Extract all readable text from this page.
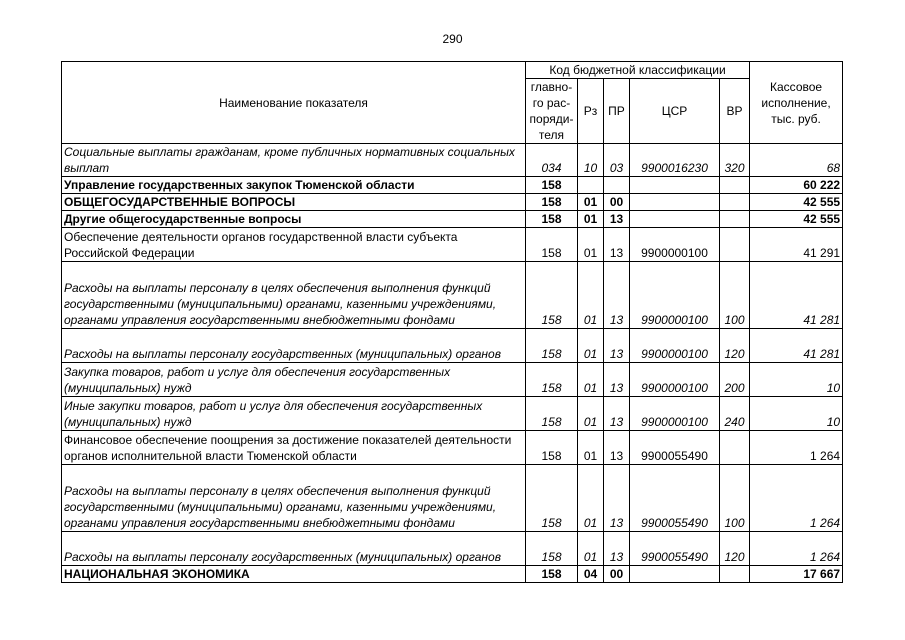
290
Наименование показателя	Код бюджетной классификации					Кассовое исполнение, тыс. руб.
	главно-го рас-поряди-теля	Рз	ПР	ЦСР	ВР	
Социальные выплаты гражданам, кроме публичных нормативных социальных выплат	034	10	03	9900016230	320	68
Управление государственных закупок Тюменской области	158					60 222
ОБЩЕГОСУДАРСТВЕННЫЕ ВОПРОСЫ	158	01	00			42 555
Другие общегосударственные вопросы	158	01	13			42 555
Обеспечение деятельности органов государственной власти субъекта Российской Федерации	158	01	13	9900000100		41 291
Расходы на выплаты персоналу в целях обеспечения выполнения функций государственными (муниципальными) органами, казенными учреждениями, органами управления государственными внебюджетными фондами	158	01	13	9900000100	100	41 281
Расходы на выплаты персоналу государственных (муниципальных) органов	158	01	13	9900000100	120	41 281
Закупка товаров, работ и услуг для обеспечения государственных (муниципальных) нужд	158	01	13	9900000100	200	10
Иные закупки товаров, работ и услуг для обеспечения государственных (муниципальных) нужд	158	01	13	9900000100	240	10
Финансовое обеспечение поощрения за достижение показателей деятельности органов исполнительной власти Тюменской области	158	01	13	9900055490		1 264
Расходы на выплаты персоналу в целях обеспечения выполнения функций государственными (муниципальными) органами, казенными учреждениями, органами управления государственными внебюджетными фондами	158	01	13	9900055490	100	1 264
Расходы на выплаты персоналу государственных (муниципальных) органов	158	01	13	9900055490	120	1 264
НАЦИОНАЛЬНАЯ ЭКОНОМИКА	158	04	00			17 667
